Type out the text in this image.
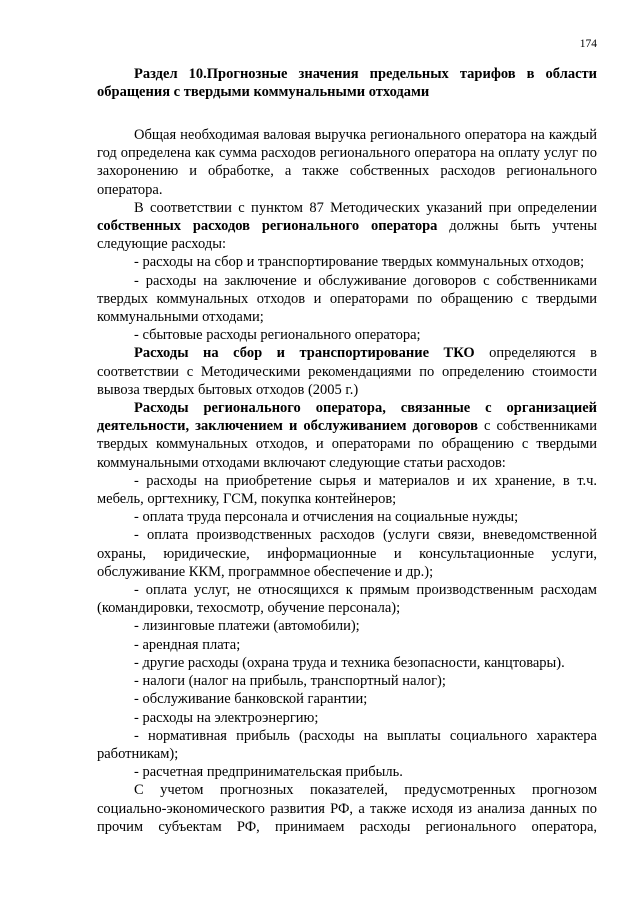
174
Раздел 10.Прогнозные значения предельных тарифов в области обращения с твердыми коммунальными отходами

Общая необходимая валовая выручка регионального оператора на каждый год определена как сумма расходов регионального оператора на оплату услуг по захоронению и обработке, а также собственных расходов регионального оператора.

В соответствии с пунктом 87 Методических указаний при определении собственных расходов регионального оператора должны быть учтены следующие расходы:

- расходы на сбор и транспортирование твердых коммунальных отходов;

- расходы на заключение и обслуживание договоров с собственниками твердых коммунальных отходов и операторами по обращению с твердыми коммунальными отходами;

- сбытовые расходы регионального оператора;

Расходы на сбор и транспортирование ТКО определяются в соответствии с Методическими рекомендациями по определению стоимости вывоза твердых бытовых отходов (2005 г.)

Расходы регионального оператора, связанные с организацией деятельности, заключением и обслуживанием договоров с собственниками твердых коммунальных отходов, и операторами по обращению с твердыми коммунальными отходами включают следующие статьи расходов:

- расходы на приобретение сырья и материалов и их хранение, в т.ч. мебель, оргтехнику, ГСМ, покупка контейнеров;

- оплата труда персонала и отчисления на социальные нужды;

- оплата производственных расходов (услуги связи, вневедомственной охраны, юридические, информационные и консультационные услуги, обслуживание ККМ, программное обеспечение и др.);

- оплата услуг, не относящихся к прямым производственным расходам (командировки, техосмотр, обучение персонала);

- лизинговые платежи (автомобили);

- арендная плата;

- другие расходы (охрана труда и техника безопасности, канцтовары).

- налоги (налог на прибыль, транспортный налог);

- обслуживание банковской гарантии;

- расходы на электроэнергию;

- нормативная прибыль (расходы на выплаты социального характера работникам);

- расчетная предпринимательская прибыль.

С учетом прогнозных показателей, предусмотренных прогнозом социально-экономического развития РФ, а также исходя из анализа данных по прочим субъектам РФ, принимаем расходы регионального оператора,
